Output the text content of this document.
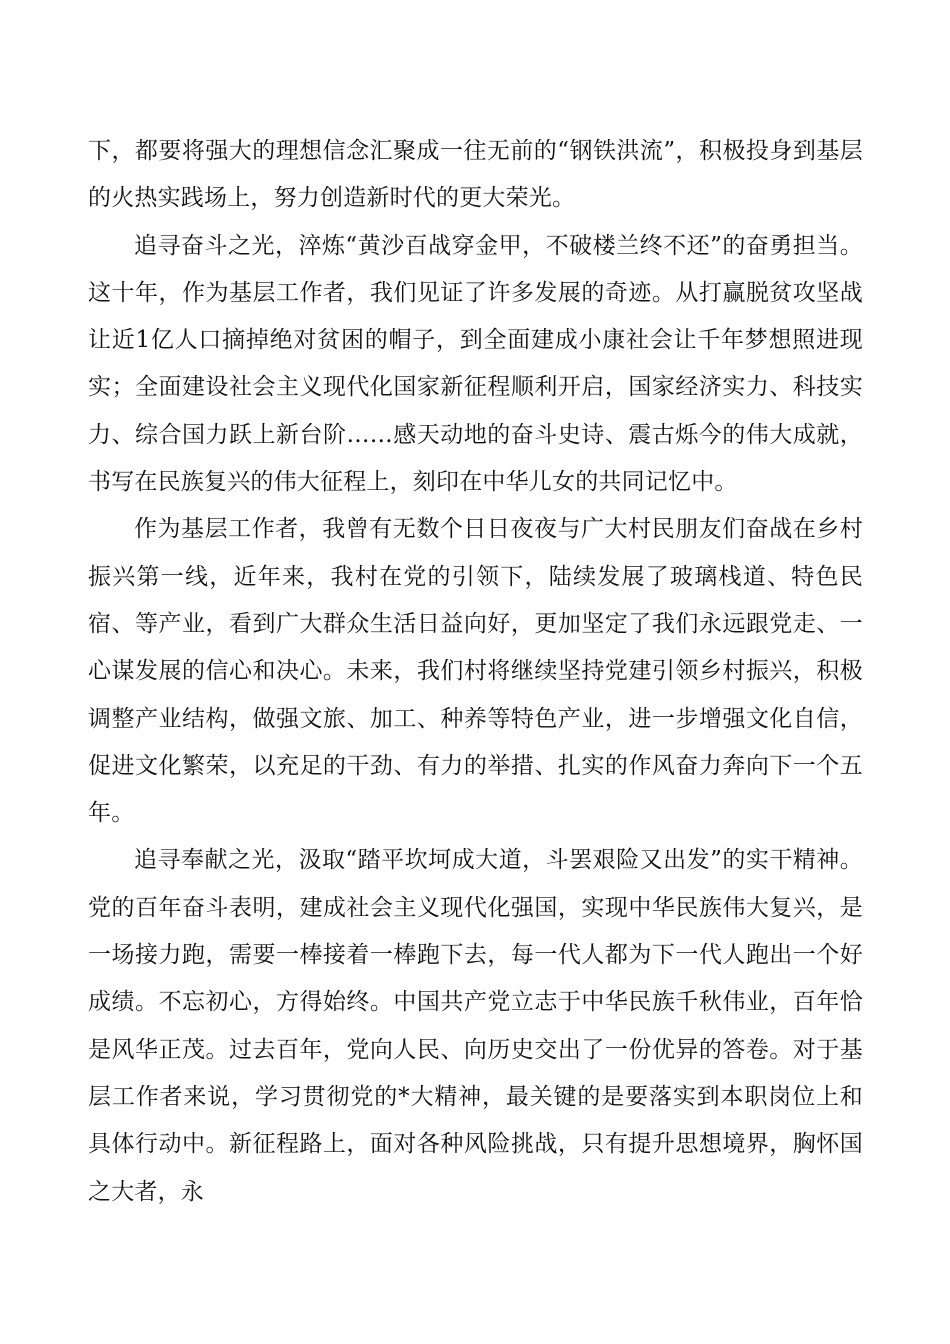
下，都要将强大的理想信念汇聚成一往无前的“钢铁洪流”，积极投身到基层的火热实践场上，努力创造新时代的更大荣光。

追寻奋斗之光，淬炼“黄沙百战穿金甲，不破楼兰终不还”的奋勇担当。这十年，作为基层工作者，我们见证了许多发展的奇迹。从打赢脱贫攻坚战让近1亿人口摘掉绝对贫困的帽子，到全面建成小康社会让千年梦想照进现实；全面建设社会主义现代化国家新征程顺利开启，国家经济实力、科技实力、综合国力跃上新台阶……感天动地的奋斗史诗、震古烁今的伟大成就，书写在民族复兴的伟大征程上，刻印在中华儿女的共同记忆中。

作为基层工作者，我曾有无数个日日夜夜与广大村民朋友们奋战在乡村振兴第一线，近年来，我村在党的引领下，陆续发展了玻璃栈道、特色民宿、等产业，看到广大群众生活日益向好，更加坚定了我们永远跟党走、一心谋发展的信心和决心。未来，我们村将继续坚持党建引领乡村振兴，积极调整产业结构，做强文旅、加工、种养等特色产业，进一步增强文化自信，促进文化繁荣，以充足的干劲、有力的举措、扎实的作风奋力奔向下一个五年。

追寻奉献之光，汲取“踏平坎坷成大道，斗罢艰险又出发”的实干精神。党的百年奋斗表明，建成社会主义现代化强国，实现中华民族伟大复兴，是一场接力跑，需要一棒接着一棒跑下去，每一代人都为下一代人跑出一个好成绩。不忘初心，方得始终。中国共产党立志于中华民族千秋伟业，百年恰是风华正茂。过去百年，党向人民、向历史交出了一份优异的答卷。对于基层工作者来说，学习贯彻党的*大精神，最关键的是要落实到本职岗位上和具体行动中。新征程路上，面对各种风险挑战，只有提升思想境界，胸怀国之大者，永
